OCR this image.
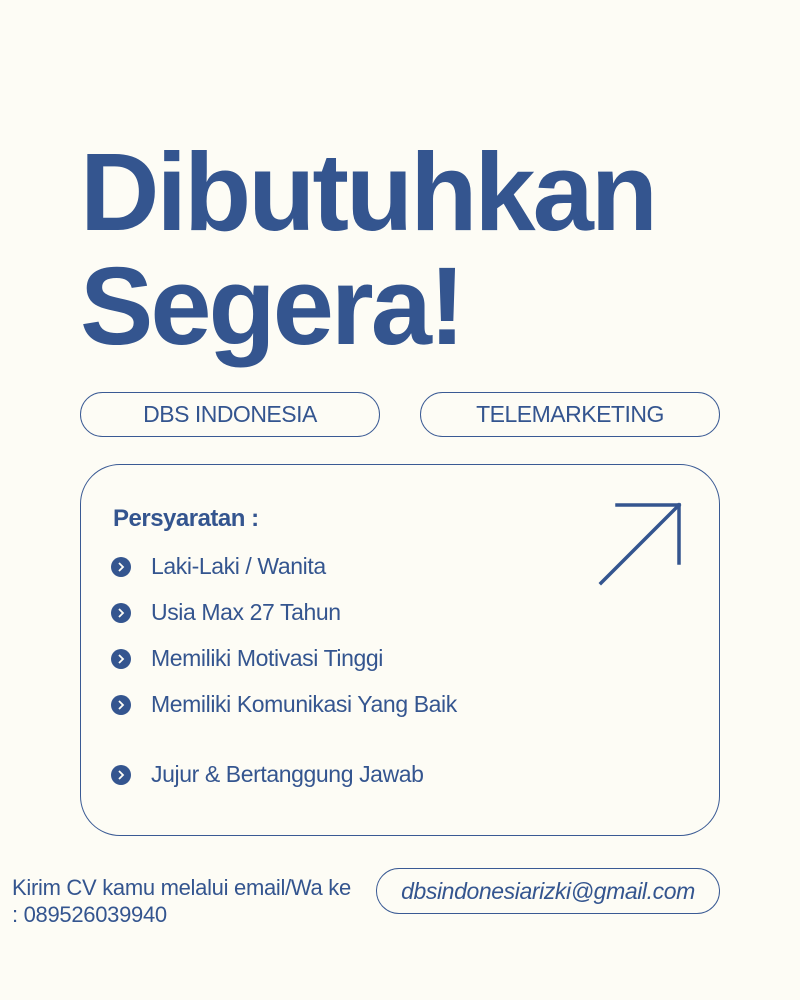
Dibutuhkan
Segera!
DBS INDONESIA	TELEMARKETING
Persyaratan :
Laki-Laki / Wanita
Usia Max 27 Tahun
Memiliki Motivasi Tinggi
Memiliki Komunikasi Yang Baik
Jujur & Bertanggung Jawab

Kirim CV kamu melalui email/Wa ke : 089526039940

dbsindonesiarizki@gmail.com
